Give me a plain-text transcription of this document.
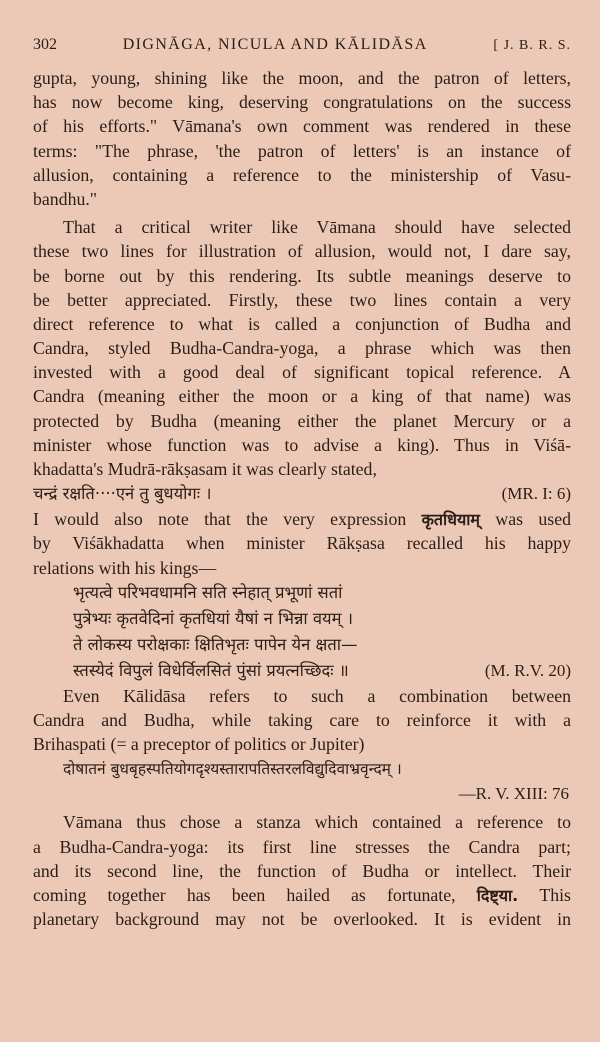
302	DIGNĀGA, NICULA AND KĀLIDĀSA	[ J. B. R. S.
gupta, young, shining like the moon, and the patron of letters,
has now become king, deserving congratulations on the success
of his efforts." Vāmana's own comment was rendered in these
terms: "The phrase, 'the patron of letters' is an instance of
allusion, containing a reference to the ministership of Vasu-
bandhu."
That a critical writer like Vāmana should have selected
these two lines for illustration of allusion, would not, I dare say,
be borne out by this rendering. Its subtle meanings deserve to
be better appreciated. Firstly, these two lines contain a very
direct reference to what is called a conjunction of Budha and
Candra, styled Budha-Candra-yoga, a phrase which was then
invested with a good deal of significant topical reference. A
Candra (meaning either the moon or a king of that name) was
protected by Budha (meaning either the planet Mercury or a
minister whose function was to advise a king). Thus in Viśā-
khadatta's Mudrā-rākṣasam it was clearly stated,
चन्द्रं रक्षति····एनं तु बुधयोगः ।	(MR. I: 6)
I would also note that the very expression कृतधियाम् was used
by Viśākhadatta when minister Rākṣasa recalled his happy
relations with his kings—
भृत्यत्वे परिभवधामनि सति स्नेहात् प्रभूणां सतां
पुत्रेभ्यः कृतवेदिनां कृतधियां यैषां न भिन्ना वयम् ।
ते लोकस्य परोक्षकाः क्षितिभृतः पापेन येन क्षता—
स्तस्येदं विपुलं विधेर्विलसितं पुंसां प्रयत्नच्छिदः ॥	(M. R.V. 20)
Even Kālidāsa refers to such a combination between
Candra and Budha, while taking care to reinforce it with a
Brihaspati (= a preceptor of politics or Jupiter)
दोषातनं बुधबृहस्पतियोगदृश्यस्तारापतिस्तरलविद्युदिवाभ्रवृन्दम् ।
—R. V. XIII: 76
Vāmana thus chose a stanza which contained a reference to
a Budha-Candra-yoga: its first line stresses the Candra part;
and its second line, the function of Budha or intellect. Their
coming together has been hailed as fortunate, दिष्ट्या. This
planetary background may not be overlooked. It is evident in
